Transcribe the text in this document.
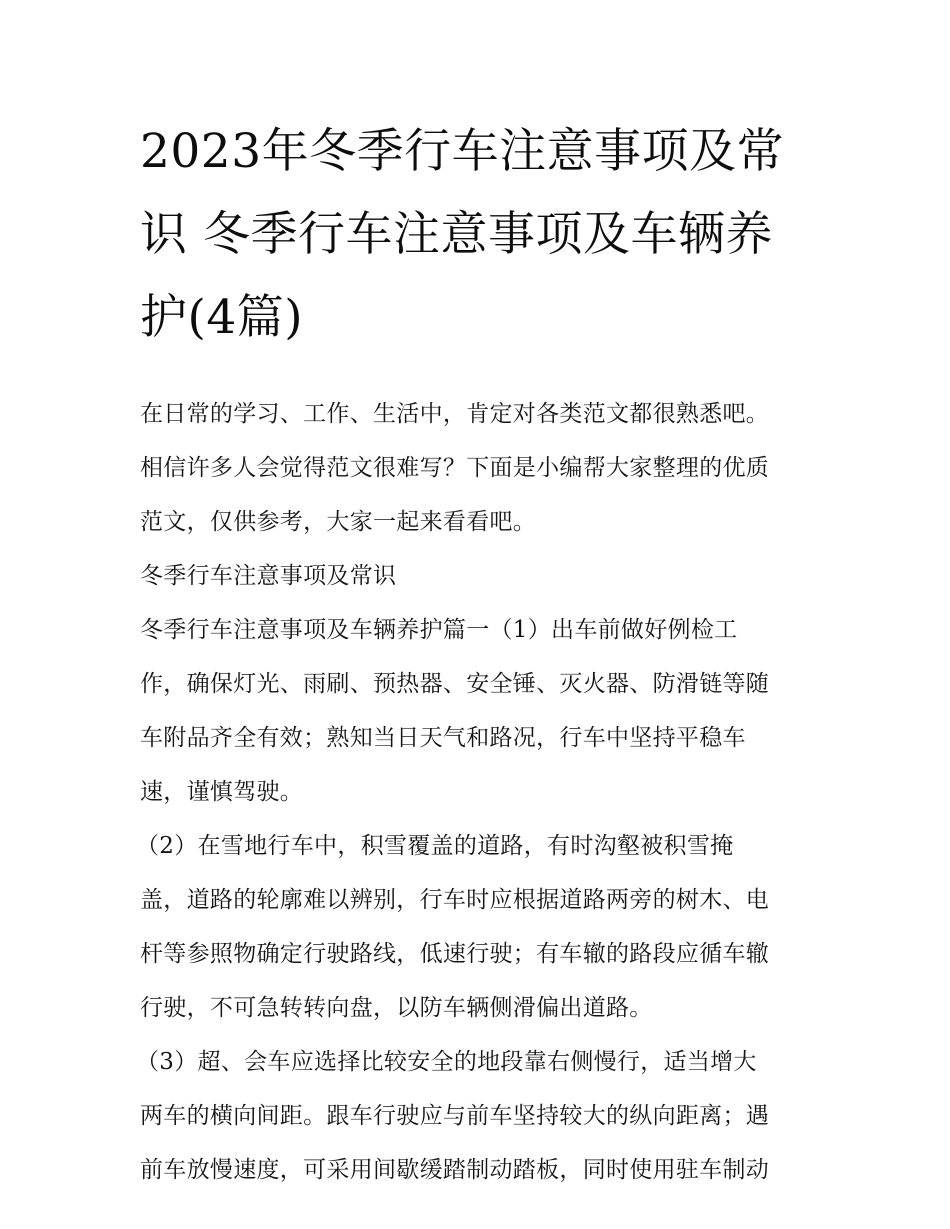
2023年冬季行车注意事项及常
识 冬季行车注意事项及车辆养
护(4篇)
在日常的学习、工作、生活中，肯定对各类范文都很熟悉吧。
相信许多人会觉得范文很难写？下面是小编帮大家整理的优质
范文，仅供参考，大家一起来看看吧。
冬季行车注意事项及常识
冬季行车注意事项及车辆养护篇一（1）出车前做好例检工
作，确保灯光、雨刷、预热器、安全锤、灭火器、防滑链等随
车附品齐全有效；熟知当日天气和路况，行车中坚持平稳车
速，谨慎驾驶。
（2）在雪地行车中，积雪覆盖的道路，有时沟壑被积雪掩
盖，道路的轮廓难以辨别，行车时应根据道路两旁的树木、电
杆等参照物确定行驶路线，低速行驶；有车辙的路段应循车辙
行驶，不可急转转向盘，以防车辆侧滑偏出道路。
（3）超、会车应选择比较安全的地段靠右侧慢行，适当增大
两车的横向间距。跟车行驶应与前车坚持较大的纵向距离；遇
前车放慢速度，可采用间歇缓踏制动踏板，同时使用驻车制动
